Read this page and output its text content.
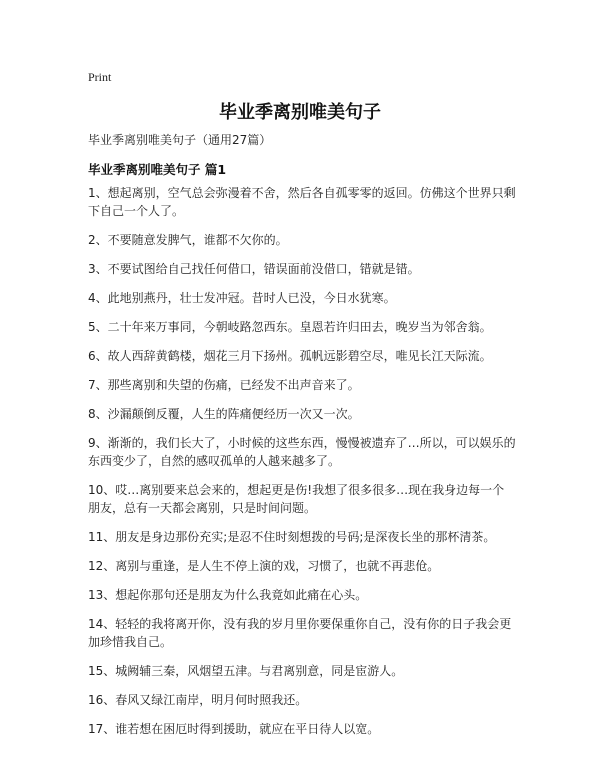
Print
毕业季离别唯美句子
毕业季离别唯美句子（通用27篇）
毕业季离别唯美句子 篇1

1、想起离别，空气总会弥漫着不舍，然后各自孤零零的返回。仿佛这个世界只剩下自己一个人了。

2、不要随意发脾气，谁都不欠你的。

3、不要试图给自己找任何借口，错误面前没借口，错就是错。

4、此地别燕丹，壮士发冲冠。昔时人已没，今日水犹寒。

5、二十年来万事同，今朝岐路忽西东。皇恩若许归田去，晚岁当为邻舍翁。

6、故人西辞黄鹤楼，烟花三月下扬州。孤帆远影碧空尽，唯见长江天际流。

7、那些离别和失望的伤痛，已经发不出声音来了。

8、沙漏颠倒反覆，人生的阵痛便经历一次又一次。

9、渐渐的，我们长大了，小时候的这些东西，慢慢被遗弃了…所以，可以娱乐的东西变少了，自然的感叹孤单的人越来越多了。

10、哎…离别要来总会来的，想起更是伤!我想了很多很多…现在我身边每一个朋友，总有一天都会离别，只是时间问题。

11、朋友是身边那份充实;是忍不住时刻想拨的号码;是深夜长坐的那杯清茶。

12、离别与重逢，是人生不停上演的戏，习惯了，也就不再悲伧。

13、想起你那句还是朋友为什么我竟如此痛在心头。

14、轻轻的我将离开你，没有我的岁月里你要保重你自己，没有你的日子我会更加珍惜我自己。

15、城阙辅三秦，风烟望五津。与君离别意，同是宦游人。

16、春风又绿江南岸，明月何时照我还。

17、谁若想在困厄时得到援助，就应在平日待人以宽。
